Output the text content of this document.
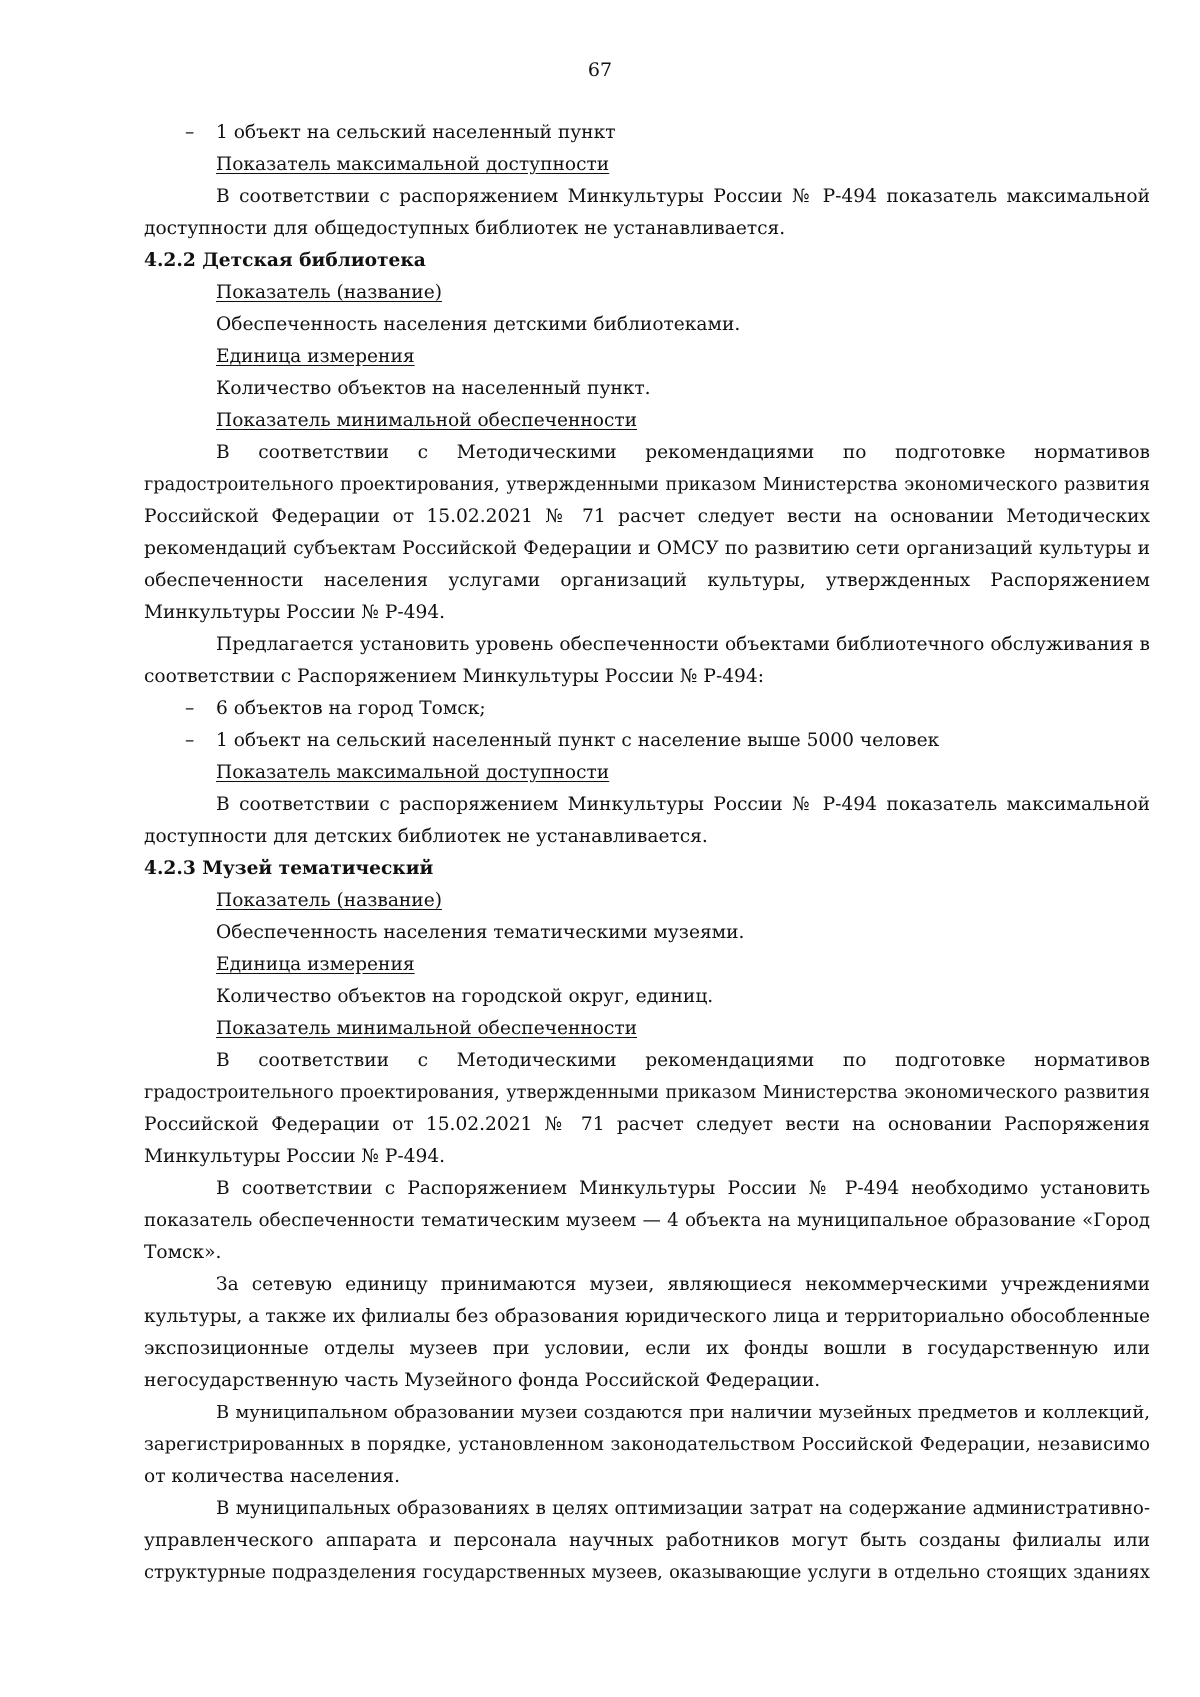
67
– 1 объект на сельский населенный пункт
Показатель максимальной доступности
В соответствии с распоряжением Минкультуры России № Р-494 показатель максимальной
доступности для общедоступных библиотек не устанавливается.
4.2.2 Детская библиотека
Показатель (название)
Обеспеченность населения детскими библиотеками.
Единица измерения
Количество объектов на населенный пункт.
Показатель минимальной обеспеченности
В соответствии с Методическими рекомендациями по подготовке нормативов
градостроительного проектирования, утвержденными приказом Министерства экономического развития
Российской Федерации от 15.02.2021 № 71 расчет следует вести на основании Методических
рекомендаций субъектам Российской Федерации и ОМСУ по развитию сети организаций культуры и
обеспеченности населения услугами организаций культуры, утвержденных Распоряжением
Минкультуры России № Р-494.
Предлагается установить уровень обеспеченности объектами библиотечного обслуживания в
соответствии с Распоряжением Минкультуры России № Р-494:
– 6 объектов на город Томск;
– 1 объект на сельский населенный пункт с население выше 5000 человек
Показатель максимальной доступности
В соответствии с распоряжением Минкультуры России № Р-494 показатель максимальной
доступности для детских библиотек не устанавливается.
4.2.3 Музей тематический
Показатель (название)
Обеспеченность населения тематическими музеями.
Единица измерения
Количество объектов на городской округ, единиц.
Показатель минимальной обеспеченности
В соответствии с Методическими рекомендациями по подготовке нормативов
градостроительного проектирования, утвержденными приказом Министерства экономического развития
Российской Федерации от 15.02.2021 № 71 расчет следует вести на основании Распоряжения
Минкультуры России № Р-494.
В соответствии с Распоряжением Минкультуры России № Р-494 необходимо установить
показатель обеспеченности тематическим музеем — 4 объекта на муниципальное образование «Город
Томск».
За сетевую единицу принимаются музеи, являющиеся некоммерческими учреждениями
культуры, а также их филиалы без образования юридического лица и территориально обособленные
экспозиционные отделы музеев при условии, если их фонды вошли в государственную или
негосударственную часть Музейного фонда Российской Федерации.
В муниципальном образовании музеи создаются при наличии музейных предметов и коллекций,
зарегистрированных в порядке, установленном законодательством Российской Федерации, независимо
от количества населения.
В муниципальных образованиях в целях оптимизации затрат на содержание административно-
управленческого аппарата и персонала научных работников могут быть созданы филиалы или
структурные подразделения государственных музеев, оказывающие услуги в отдельно стоящих зданиях
